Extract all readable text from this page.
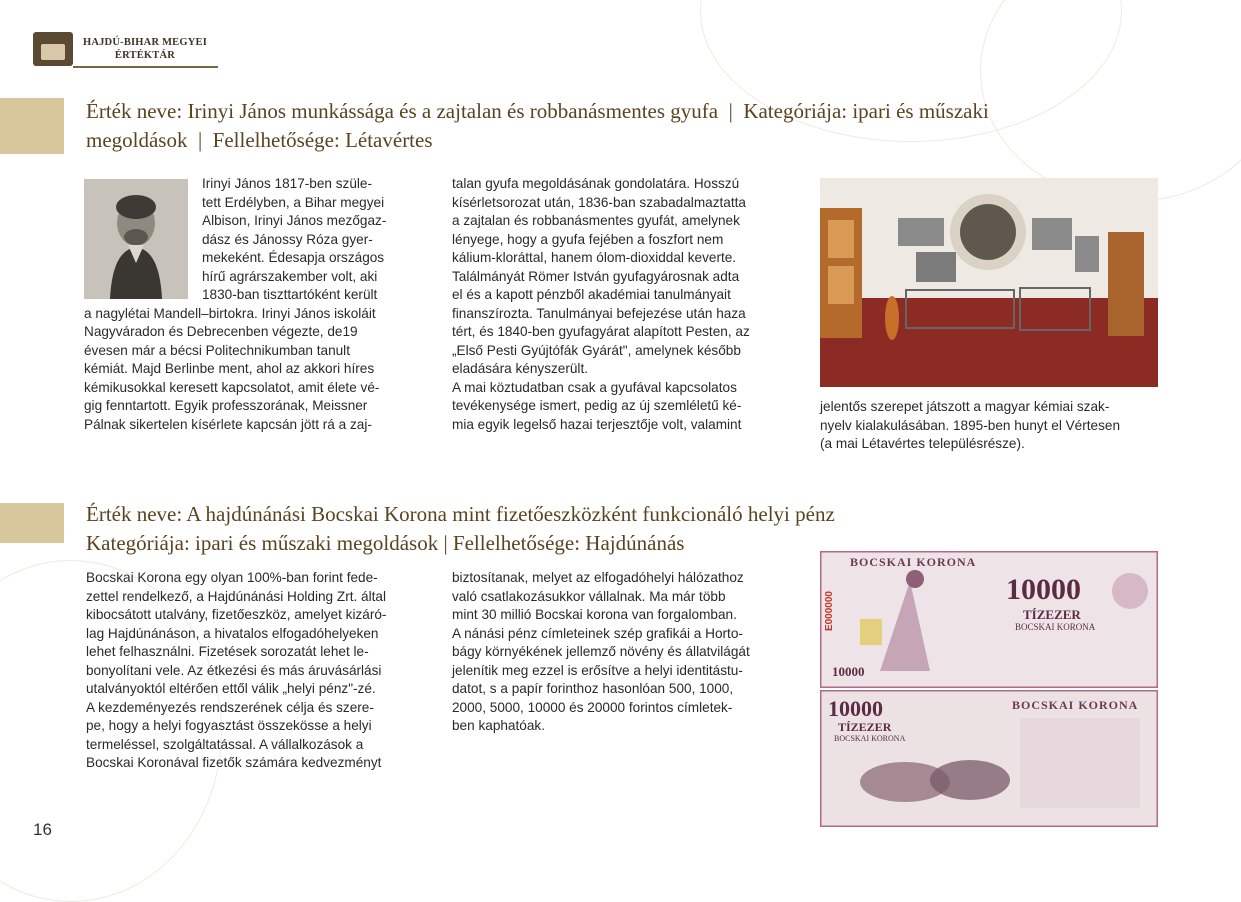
HAJDÚ-BIHAR MEGYEI
ÉRTÉKTÁR
Érték neve: Irinyi János munkássága és a zajtalan és robbanásmentes gyufa  |  Kategóriája: ipari és műszaki
megoldások  |  Fellelhetősége: Létavértes
Irinyi János 1817-ben szüle-
tett Erdélyben, a Bihar megyei
Albison, Irinyi János mezőgaz-
dász és Jánossy Róza gyer-
mekeként. Édesapja országos
hírű agrárszakember volt, aki
1830-ban tiszttartóként került
a nagylétai Mandell–birtokra. Irinyi János iskoláit
Nagyváradon és Debrecenben végezte, de19
évesen már a bécsi Politechnikumban tanult
kémiát. Majd Berlinbe ment, ahol az akkori híres
kémikusokkal keresett kapcsolatot, amit élete vé-
gig fenntartott. Egyik professzorának, Meissner
Pálnak sikertelen kísérlete kapcsán jött rá a zaj-
talan gyufa megoldásának gondolatára. Hosszú
kísérletsorozat után, 1836-ban szabadalmaztatta
a zajtalan és robbanásmentes gyufát, amelynek
lényege, hogy a gyufa fejében a foszfort nem
kálium-kloráttal, hanem ólom-dioxiddal keverte.
Találmányát Römer István gyufagyárosnak adta
el és a kapott pénzből akadémiai tanulmányait
finanszírozta. Tanulmányai befejezése után haza
tért, és 1840-ben gyufagyárat alapított Pesten, az
„Első Pesti Gyújtófák Gyárát", amelynek később
eladására kényszerült.
A mai köztudatban csak a gyufával kapcsolatos
tevékenysége ismert, pedig az új szemléletű ké-
mia egyik legelső hazai terjesztője volt, valamint
jelentős szerepet játszott a magyar kémiai szak-
nyelv kialakulásában. 1895-ben hunyt el Vértesen
(a mai Létavértes településrésze).
Érték neve: A hajdúnánási Bocskai Korona mint fizetőeszközként funkcionáló helyi pénz
Kategóriája: ipari és műszaki megoldások | Fellelhetősége: Hajdúnánás
Bocskai Korona egy olyan 100%-ban forint fede-
zettel rendelkező, a Hajdúnánási Holding Zrt. által
kibocsátott utalvány, fizetőeszköz, amelyet kizáró-
lag Hajdúnánáson, a hivatalos elfogadóhelyeken
lehet felhasználni. Fizetések sorozatát lehet le-
bonyolítani vele. Az étkezési és más áruvásárlási
utalványoktól eltérően ettől válik „helyi pénz"-zé.
A kezdeményezés rendszerének célja és szere-
pe, hogy a helyi fogyasztást összekösse a helyi
termeléssel, szolgáltatással. A vállalkozások a
Bocskai Koronával fizetők számára kedvezményt
biztosítanak, melyet az elfogadóhelyi hálózathoz
való csatlakozásukkor vállalnak. Ma már több
mint 30 millió Bocskai korona van forgalomban.
A nánási pénz címleteinek szép grafikái a Horto-
bágy környékének jellemző növény és állatvilágát
jelenítik meg ezzel is erősítve a helyi identitástu-
datot, s a papír forinthoz hasonlóan 500, 1000,
2000, 5000, 10000 és 20000 forintos címletek-
ben kaphatóak.
BOCSKAI KORONA
10000
TÍZEZER
BOCSKAI KORONA
E000000
10000
10000
TÍZEZER
BOCSKAI KORONA
BOCSKAI KORONA
16
